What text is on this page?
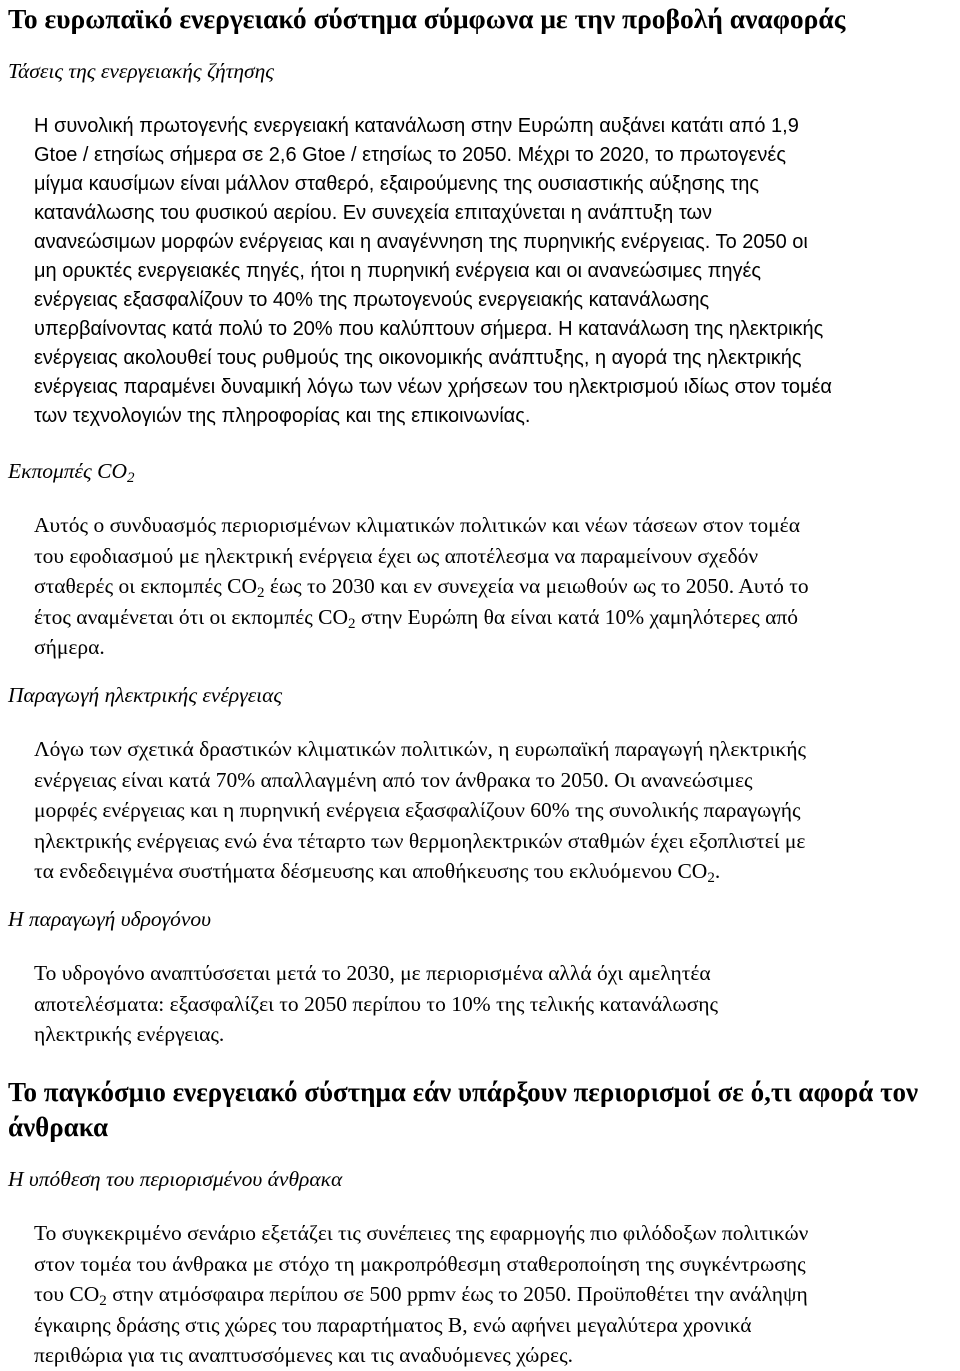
Το ευρωπαϊκό ενεργειακό σύστημα σύμφωνα με την προβολή αναφοράς
Τάσεις της ενεργειακής ζήτησης
Η συνολική πρωτογενής ενεργειακή κατανάλωση στην Ευρώπη αυξάνει κατάτι από 1,9
Gtoe / ετησίως σήμερα σε 2,6 Gtoe / ετησίως το 2050. Μέχρι το 2020, το πρωτογενές
μίγμα καυσίμων είναι μάλλον σταθερό, εξαιρούμενης της ουσιαστικής αύξησης της
κατανάλωσης του φυσικού αερίου. Εν συνεχεία επιταχύνεται η ανάπτυξη των
ανανεώσιμων μορφών ενέργειας και η αναγέννηση της πυρηνικής ενέργειας. Το 2050 οι
μη ορυκτές ενεργειακές πηγές, ήτοι η πυρηνική ενέργεια και οι ανανεώσιμες πηγές
ενέργειας εξασφαλίζουν το 40% της πρωτογενούς ενεργειακής κατανάλωσης
υπερβαίνοντας κατά πολύ το 20% που καλύπτουν σήμερα. Η κατανάλωση της ηλεκτρικής
ενέργειας ακολουθεί τους ρυθμούς της οικονομικής ανάπτυξης, η αγορά της ηλεκτρικής
ενέργειας παραμένει δυναμική λόγω των νέων χρήσεων του ηλεκτρισμού ιδίως στον τομέα
των τεχνολογιών της πληροφορίας και της επικοινωνίας.
Εκπομπές $CO_2$
Αυτός ο συνδυασμός περιορισμένων κλιματικών πολιτικών και νέων τάσεων στον τομέα
του εφοδιασμού με ηλεκτρική ενέργεια έχει ως αποτέλεσμα να παραμείνουν σχεδόν
σταθερές οι εκπομπές $CO_2$ έως το 2030 και εν συνεχεία να μειωθούν ως το 2050. Αυτό το
έτος αναμένεται ότι οι εκπομπές $CO_2$ στην Ευρώπη θα είναι κατά 10% χαμηλότερες από
σήμερα.
Παραγωγή ηλεκτρικής ενέργειας
Λόγω των σχετικά δραστικών κλιματικών πολιτικών, η ευρωπαϊκή παραγωγή ηλεκτρικής
ενέργειας είναι κατά 70% απαλλαγμένη από τον άνθρακα το 2050. Οι ανανεώσιμες
μορφές ενέργειας και η πυρηνική ενέργεια εξασφαλίζουν 60% της συνολικής παραγωγής
ηλεκτρικής ενέργειας ενώ ένα τέταρτο των θερμοηλεκτρικών σταθμών έχει εξοπλιστεί με
τα ενδεδειγμένα συστήματα δέσμευσης και αποθήκευσης του εκλυόμενου $CO_2$.
Η παραγωγή υδρογόνου
Το υδρογόνο αναπτύσσεται μετά το 2030, με περιορισμένα αλλά όχι αμελητέα
αποτελέσματα: εξασφαλίζει το 2050 περίπου το 10% της τελικής κατανάλωσης
ηλεκτρικής ενέργειας.
Το παγκόσμιο ενεργειακό σύστημα εάν υπάρξουν περιορισμοί σε ό,τι αφορά τον άνθρακα
Η υπόθεση του περιορισμένου άνθρακα
Το συγκεκριμένο σενάριο εξετάζει τις συνέπειες της εφαρμογής πιο φιλόδοξων πολιτικών
στον τομέα του άνθρακα με στόχο τη μακροπρόθεσμη σταθεροποίηση της συγκέντρωσης
του $CO_2$ στην ατμόσφαιρα περίπου σε 500 ppmv έως το 2050. Προϋποθέτει την ανάληψη
έγκαιρης δράσης στις χώρες του παραρτήματος Β, ενώ αφήνει μεγαλύτερα χρονικά
περιθώρια για τις αναπτυσσόμενες και τις αναδυόμενες χώρες.
